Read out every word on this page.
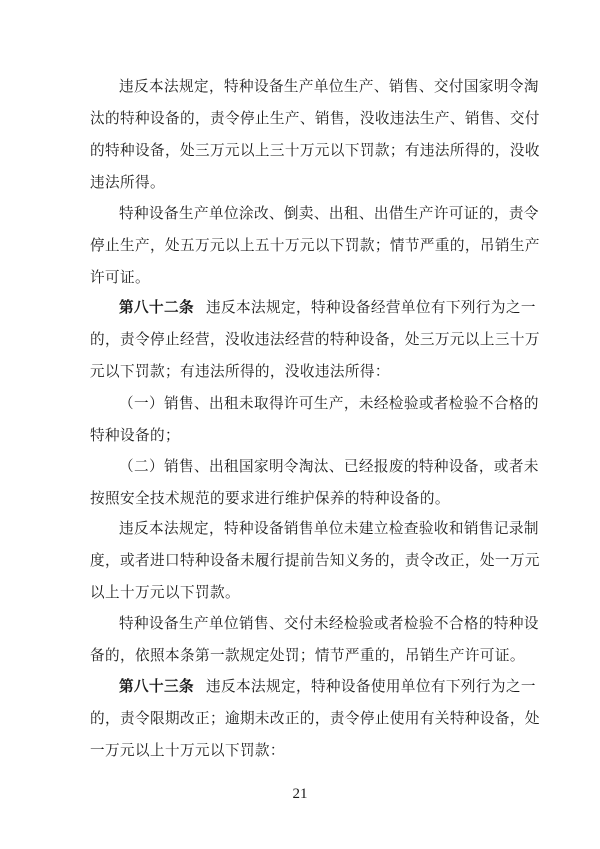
违反本法规定，特种设备生产单位生产、销售、交付国家明令淘
汰的特种设备的，责令停止生产、销售，没收违法生产、销售、交付
的特种设备，处三万元以上三十万元以下罚款；有违法所得的，没收
违法所得。
特种设备生产单位涂改、倒卖、出租、出借生产许可证的，责令
停止生产，处五万元以上五十万元以下罚款；情节严重的，吊销生产
许可证。
第八十二条 违反本法规定，特种设备经营单位有下列行为之一
的，责令停止经营，没收违法经营的特种设备，处三万元以上三十万
元以下罚款；有违法所得的，没收违法所得：
（一）销售、出租未取得许可生产，未经检验或者检验不合格的
特种设备的；
（二）销售、出租国家明令淘汰、已经报废的特种设备，或者未
按照安全技术规范的要求进行维护保养的特种设备的。
违反本法规定，特种设备销售单位未建立检查验收和销售记录制
度，或者进口特种设备未履行提前告知义务的，责令改正，处一万元
以上十万元以下罚款。
特种设备生产单位销售、交付未经检验或者检验不合格的特种设
备的，依照本条第一款规定处罚；情节严重的，吊销生产许可证。
第八十三条 违反本法规定，特种设备使用单位有下列行为之一
的，责令限期改正；逾期未改正的，责令停止使用有关特种设备，处
一万元以上十万元以下罚款：
21
